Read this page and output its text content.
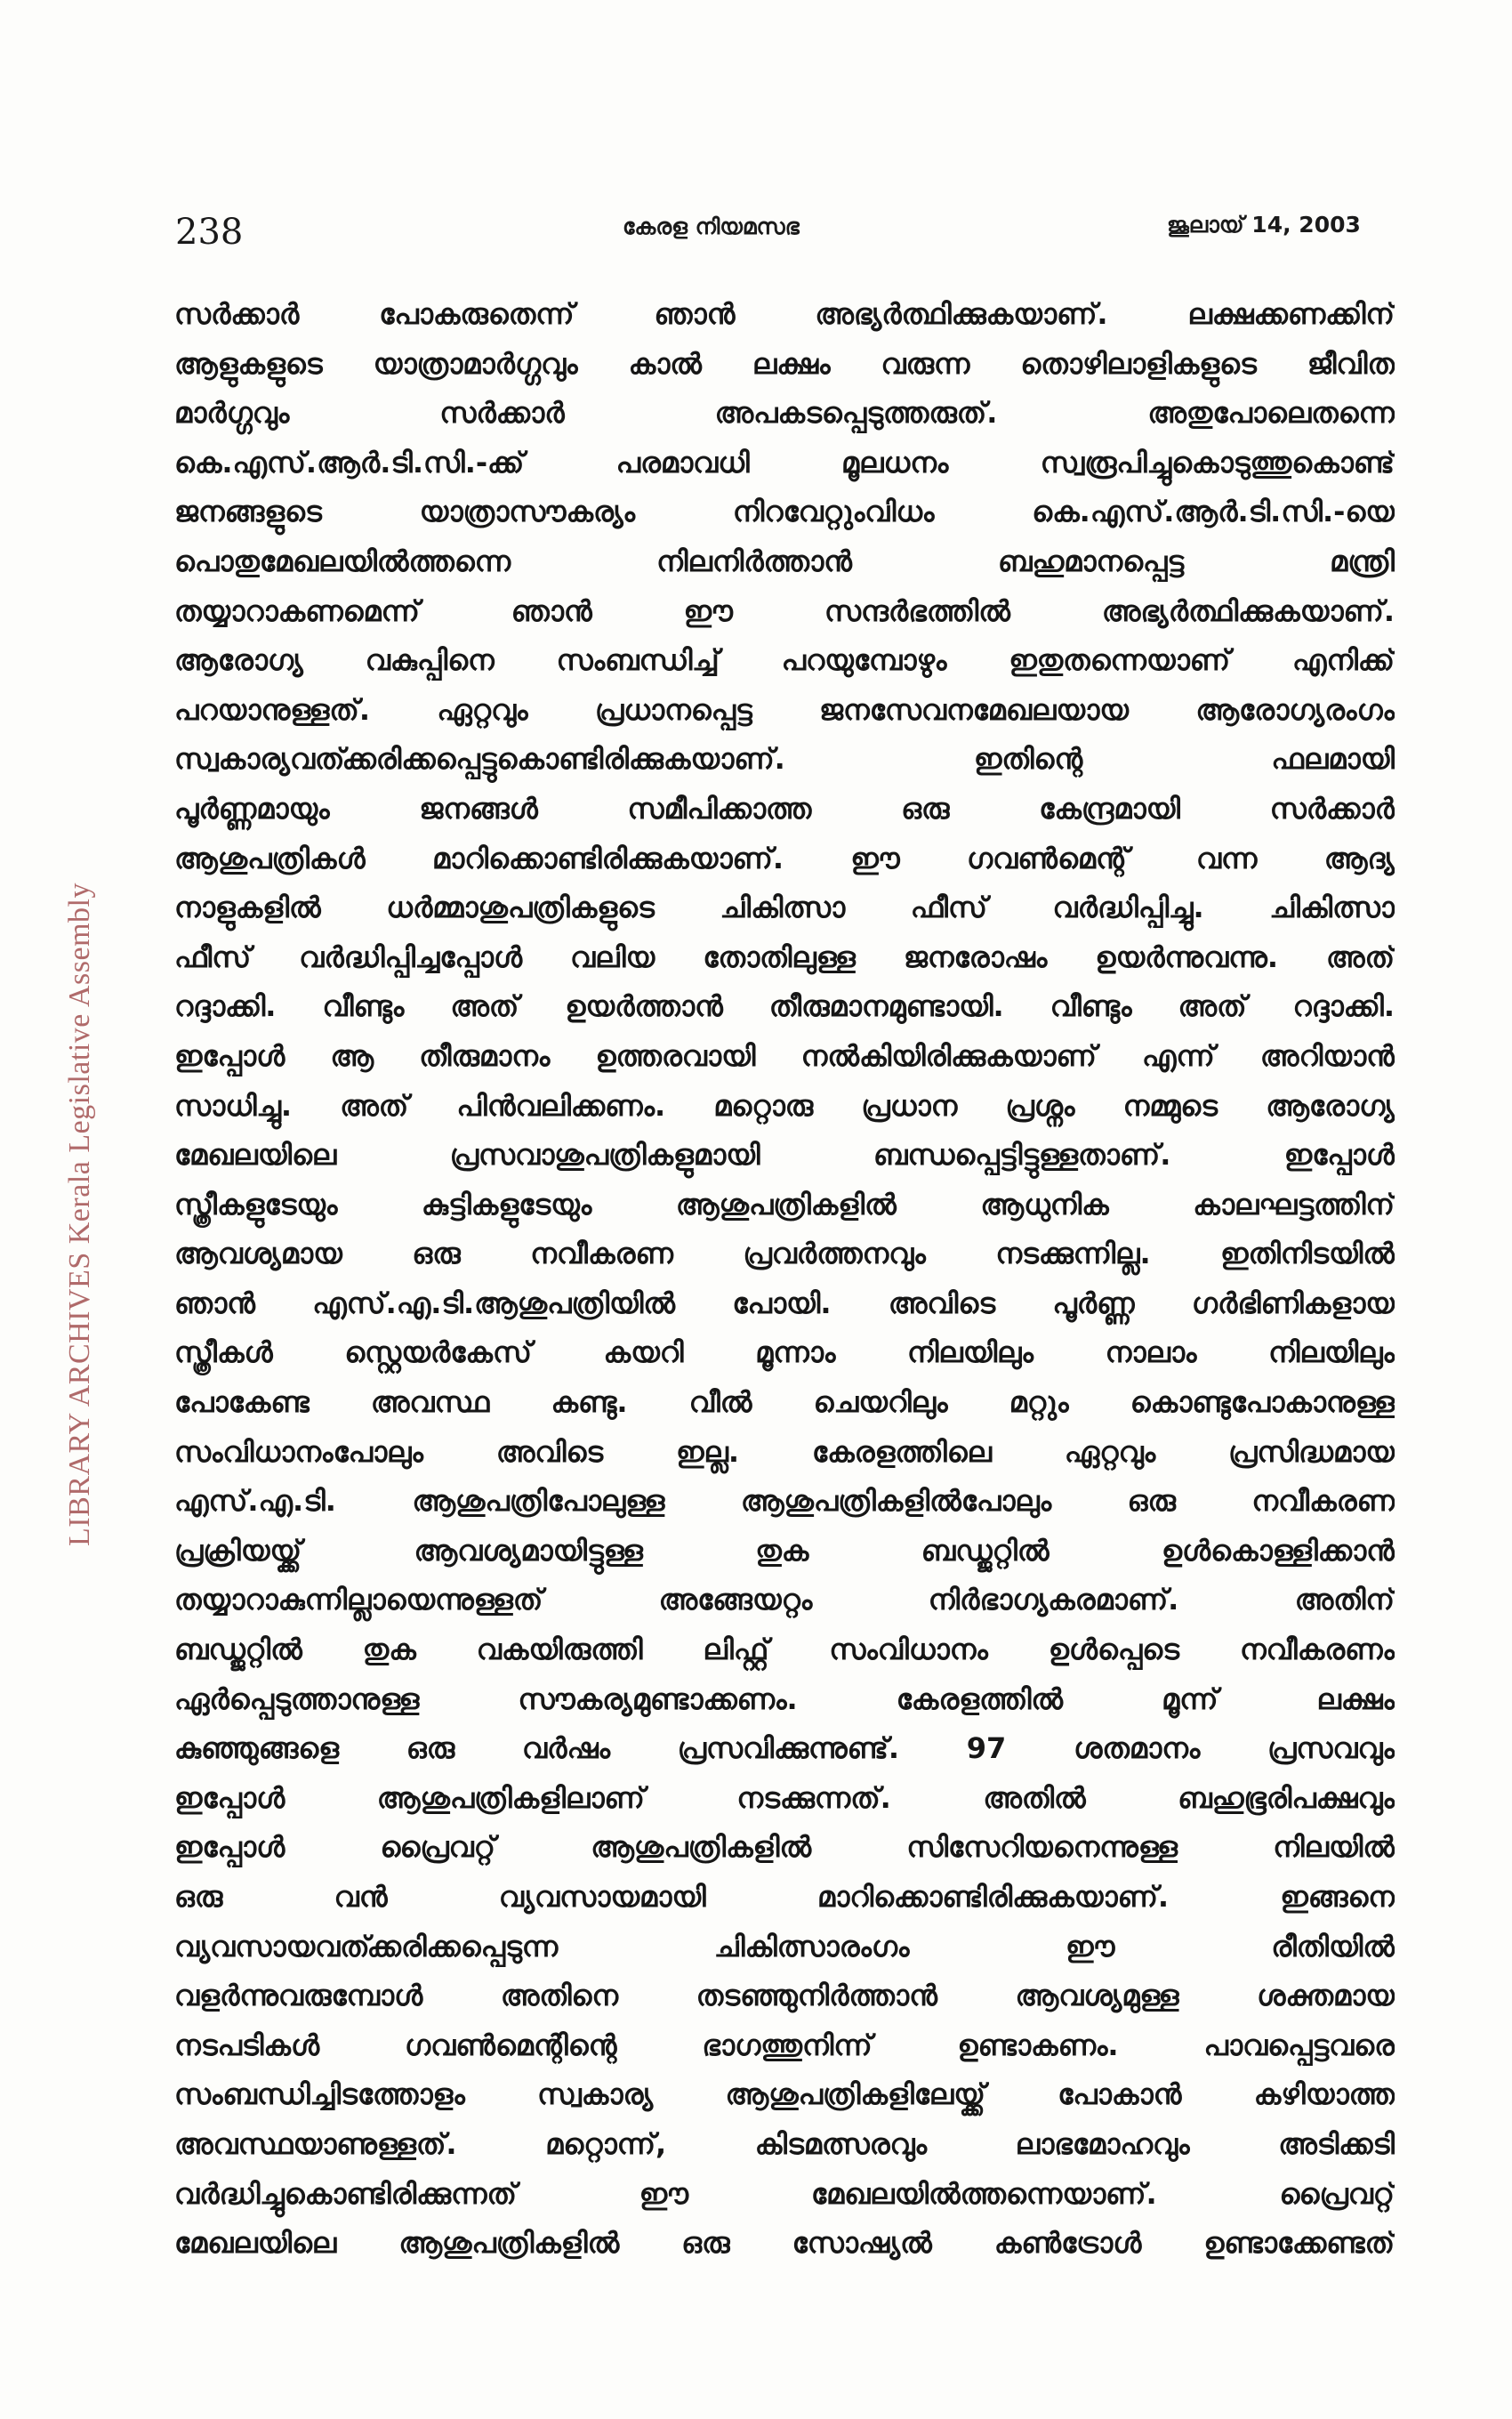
238	കേരള നിയമസഭ	ജൂലായ് 14, 2003
LIBRARY ARCHIVES Kerala Legislative Assembly
സർക്കാർ പോകരുതെന്ന് ഞാൻ അഭ്യർത്ഥിക്കുകയാണ്. ലക്ഷക്കണക്കിന്
ആളുകളുടെ യാത്രാമാർഗ്ഗവും കാൽ ലക്ഷം വരുന്ന തൊഴിലാളികളുടെ ജീവിത
മാർഗ്ഗവും സർക്കാർ അപകടപ്പെടുത്തരുത്. അതുപോലെതന്നെ
കെ.എസ്.ആർ.ടി.സി.-ക്ക് പരമാവധി മൂലധനം സ്വരൂപിച്ചുകൊടുത്തുകൊണ്ട്
ജനങ്ങളുടെ യാത്രാസൗകര്യം നിറവേറ്റുംവിധം കെ.എസ്.ആർ.ടി.സി.-യെ
പൊതുമേഖലയിൽത്തന്നെ നിലനിർത്താൻ ബഹുമാനപ്പെട്ട മന്ത്രി
തയ്യാറാകണമെന്ന് ഞാൻ ഈ സന്ദർഭത്തിൽ അഭ്യർത്ഥിക്കുകയാണ്.
ആരോഗ്യ വകുപ്പിനെ സംബന്ധിച്ച് പറയുമ്പോഴും ഇതുതന്നെയാണ് എനിക്ക്
പറയാനുള്ളത്. ഏറ്റവും പ്രധാനപ്പെട്ട ജനസേവനമേഖലയായ ആരോഗ്യരംഗം
സ്വകാര്യവത്ക്കരിക്കപ്പെട്ടുകൊണ്ടിരിക്കുകയാണ്. ഇതിന്റെ ഫലമായി
പൂർണ്ണമായും ജനങ്ങൾ സമീപിക്കാത്ത ഒരു കേന്ദ്രമായി സർക്കാർ
ആശുപത്രികൾ മാറിക്കൊണ്ടിരിക്കുകയാണ്. ഈ ഗവൺമെന്റ് വന്ന ആദ്യ
നാളുകളിൽ ധർമ്മാശുപത്രികളുടെ ചികിത്സാ ഫീസ് വർദ്ധിപ്പിച്ചു. ചികിത്സാ
ഫീസ് വർദ്ധിപ്പിച്ചപ്പോൾ വലിയ തോതിലുള്ള ജനരോഷം ഉയർന്നുവന്നു. അത്
റദ്ദാക്കി. വീണ്ടും അത് ഉയർത്താൻ തീരുമാനമുണ്ടായി. വീണ്ടും അത് റദ്ദാക്കി.
ഇപ്പോൾ ആ തീരുമാനം ഉത്തരവായി നൽകിയിരിക്കുകയാണ് എന്ന് അറിയാൻ
സാധിച്ചു. അത് പിൻവലിക്കണം. മറ്റൊരു പ്രധാന പ്രശ്നം നമ്മുടെ ആരോഗ്യ
മേഖലയിലെ പ്രസവാശുപത്രികളുമായി ബന്ധപ്പെട്ടിട്ടുള്ളതാണ്. ഇപ്പോൾ
സ്ത്രീകളുടേയും കുട്ടികളുടേയും ആശുപത്രികളിൽ ആധുനിക കാലഘട്ടത്തിന്
ആവശ്യമായ ഒരു നവീകരണ പ്രവർത്തനവും നടക്കുന്നില്ല. ഇതിനിടയിൽ
ഞാൻ എസ്.എ.ടി.ആശുപത്രിയിൽ പോയി. അവിടെ പൂർണ്ണ ഗർഭിണികളായ
സ്ത്രീകൾ സ്റ്റെയർകേസ് കയറി മൂന്നാം നിലയിലും നാലാം നിലയിലും
പോകേണ്ട അവസ്ഥ കണ്ടു. വീൽ ചെയറിലും മറ്റും കൊണ്ടുപോകാനുള്ള
സംവിധാനംപോലും അവിടെ ഇല്ല. കേരളത്തിലെ ഏറ്റവും പ്രസിദ്ധമായ
എസ്.എ.ടി. ആശുപത്രിപോലുള്ള ആശുപത്രികളിൽപോലും ഒരു നവീകരണ
പ്രക്രിയയ്ക്ക് ആവശ്യമായിട്ടുള്ള തുക ബഡ്ജറ്റിൽ ഉൾകൊള്ളിക്കാൻ
തയ്യാറാകുന്നില്ലായെന്നുള്ളത് അങ്ങേയറ്റം നിർഭാഗ്യകരമാണ്. അതിന്
ബഡ്ജറ്റിൽ തുക വകയിരുത്തി ലിഫ്റ്റ് സംവിധാനം ഉൾപ്പെടെ നവീകരണം
ഏർപ്പെടുത്താനുള്ള സൗകര്യമുണ്ടാക്കണം. കേരളത്തിൽ മൂന്ന് ലക്ഷം
കുഞ്ഞുങ്ങളെ ഒരു വർഷം പ്രസവിക്കുന്നുണ്ട്. 97 ശതമാനം പ്രസവവും
ഇപ്പോൾ ആശുപത്രികളിലാണ് നടക്കുന്നത്. അതിൽ ബഹുഭൂരിപക്ഷവും
ഇപ്പോൾ പ്രൈവറ്റ് ആശുപത്രികളിൽ സിസേറിയനെന്നുള്ള നിലയിൽ
ഒരു വൻ വ്യവസായമായി മാറിക്കൊണ്ടിരിക്കുകയാണ്. ഇങ്ങനെ
വ്യവസായവത്ക്കരിക്കപ്പെടുന്ന ചികിത്സാരംഗം ഈ രീതിയിൽ
വളർന്നുവരുമ്പോൾ അതിനെ തടഞ്ഞുനിർത്താൻ ആവശ്യമുള്ള ശക്തമായ
നടപടികൾ ഗവൺമെന്റിന്റെ ഭാഗത്തുനിന്ന് ഉണ്ടാകണം. പാവപ്പെട്ടവരെ
സംബന്ധിച്ചിടത്തോളം സ്വകാര്യ ആശുപത്രികളിലേയ്ക്ക് പോകാൻ കഴിയാത്ത
അവസ്ഥയാണുള്ളത്. മറ്റൊന്ന്, കിടമത്സരവും ലാഭമോഹവും അടിക്കടി
വർദ്ധിച്ചുകൊണ്ടിരിക്കുന്നത് ഈ മേഖലയിൽത്തന്നെയാണ്. പ്രൈവറ്റ്
മേഖലയിലെ ആശുപത്രികളിൽ ഒരു സോഷ്യൽ കൺട്രോൾ ഉണ്ടാക്കേണ്ടത്
